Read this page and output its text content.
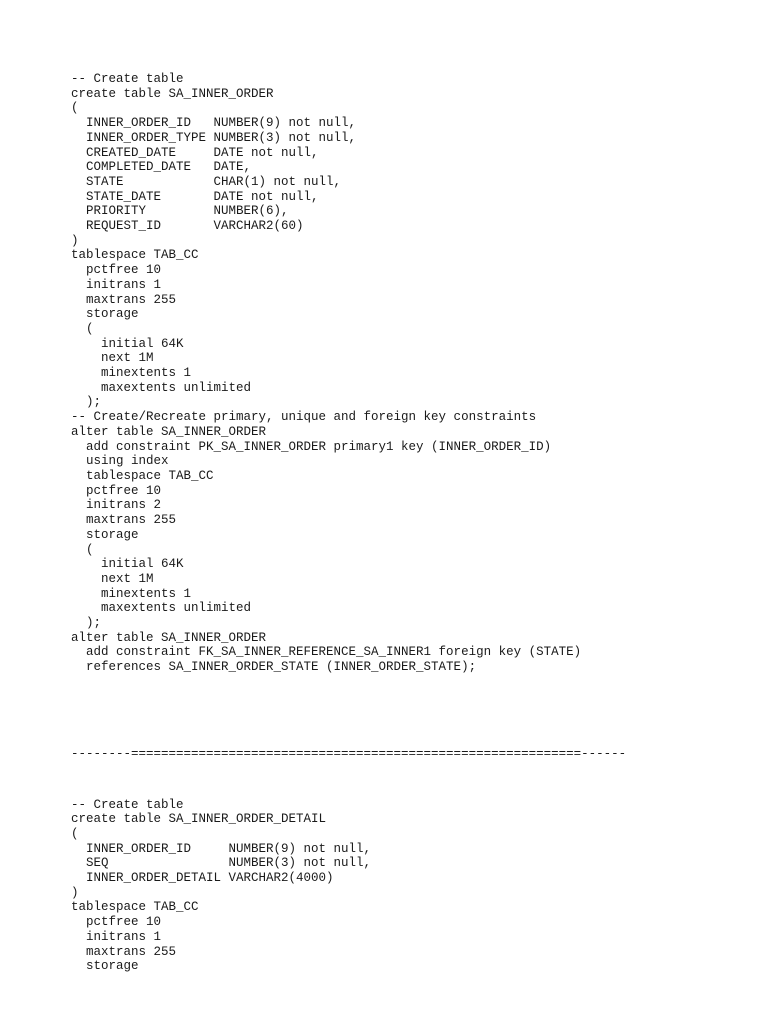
-- Create table
create table SA_INNER_ORDER
(
INNER_ORDER_ID   NUMBER(9) not null,
INNER_ORDER_TYPE NUMBER(3) not null,
CREATED_DATE     DATE not null,
COMPLETED_DATE   DATE,
STATE            CHAR(1) not null,
STATE_DATE       DATE not null,
PRIORITY         NUMBER(6),
REQUEST_ID       VARCHAR2(60)
)
tablespace TAB_CC
pctfree 10
initrans 1
maxtrans 255
storage
(
initial 64K
next 1M
minextents 1
maxextents unlimited
);
-- Create/Recreate primary, unique and foreign key constraints
alter table SA_INNER_ORDER
add constraint PK_SA_INNER_ORDER primary1 key (INNER_ORDER_ID)
using index
tablespace TAB_CC
pctfree 10
initrans 2
maxtrans 255
storage
(
initial 64K
next 1M
minextents 1
maxextents unlimited
);
alter table SA_INNER_ORDER
add constraint FK_SA_INNER_REFERENCE_SA_INNER1 foreign key (STATE)
references SA_INNER_ORDER_STATE (INNER_ORDER_STATE);
--------============================================================------
-- Create table
create table SA_INNER_ORDER_DETAIL
(
INNER_ORDER_ID     NUMBER(9) not null,
SEQ                NUMBER(3) not null,
INNER_ORDER_DETAIL VARCHAR2(4000)
)
tablespace TAB_CC
pctfree 10
initrans 1
maxtrans 255
storage
